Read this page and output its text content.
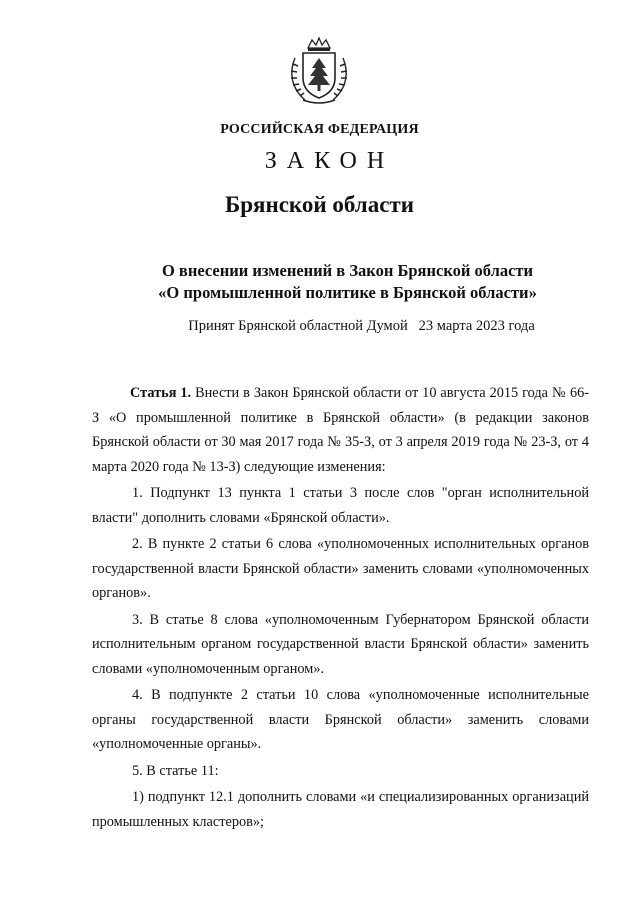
РОССИЙСКАЯ ФЕДЕРАЦИЯ
ЗАКОН
Брянской области
О внесении изменений в Закон Брянской области
«О промышленной политике в Брянской области»
Принят Брянской областной Думой   23 марта 2023 года

Статья 1. Внести в Закон Брянской области от 10 августа 2015 года № 66-З «О промышленной политике в Брянской области» (в редакции законов Брянской области от 30 мая 2017 года № 35-З, от 3 апреля 2019 года № 23-З, от 4 марта 2020 года № 13-З) следующие изменения:

1. Подпункт 13 пункта 1 статьи 3 после слов "орган исполнительной власти" дополнить словами «Брянской области».

2. В пункте 2 статьи 6 слова «уполномоченных исполнительных органов государственной власти Брянской области» заменить словами «уполномоченных органов».

3. В статье 8 слова «уполномоченным Губернатором Брянской области исполнительным органом государственной власти Брянской области» заменить словами «уполномоченным органом».

4. В подпункте 2 статьи 10 слова «уполномоченные исполнительные органы государственной власти Брянской области» заменить словами «уполномоченные органы».

5. В статье 11:

1) подпункт 12.1 дополнить словами «и специализированных организаций промышленных кластеров»;
